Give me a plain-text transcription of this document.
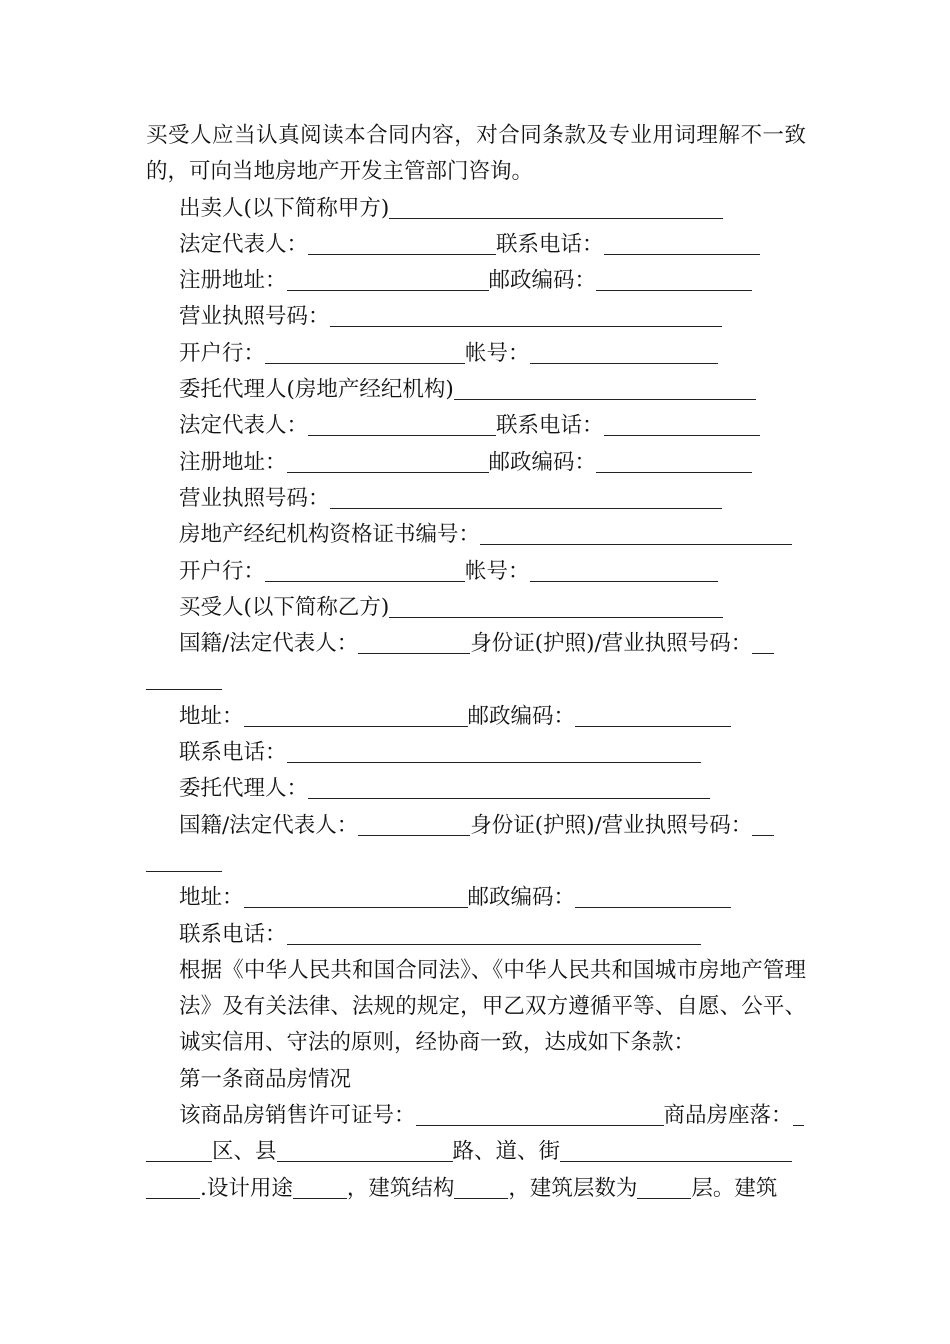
买受人应当认真阅读本合同内容，对合同条款及专业用词理解不一致的，可向当地房地产开发主管部门咨询。

出卖人(以下简称甲方)

法定代表人：	联系电话：

注册地址：	邮政编码：

营业执照号码：

开户行：	帐号：

委托代理人(房地产经纪机构)

法定代表人：	联系电话：

注册地址：	邮政编码：

营业执照号码：

房地产经纪机构资格证书编号：

开户行：	帐号：

买受人(以下简称乙方)

国籍/法定代表人：	身份证(护照)/营业执照号码：

地址：	邮政编码：

联系电话：

委托代理人：

国籍/法定代表人：	身份证(护照)/营业执照号码：

地址：	邮政编码：

联系电话：

根据《中华人民共和国合同法》、《中华人民共和国城市房地产管理法》及有关法律、法规的规定，甲乙双方遵循平等、自愿、公平、诚实信用、守法的原则，经协商一致，达成如下条款：

第一条商品房情况

该商品房销售许可证号：	商品房座落：

区、县	路、道、街

.设计用途	，建筑结构	，建筑层数为	层。建筑
